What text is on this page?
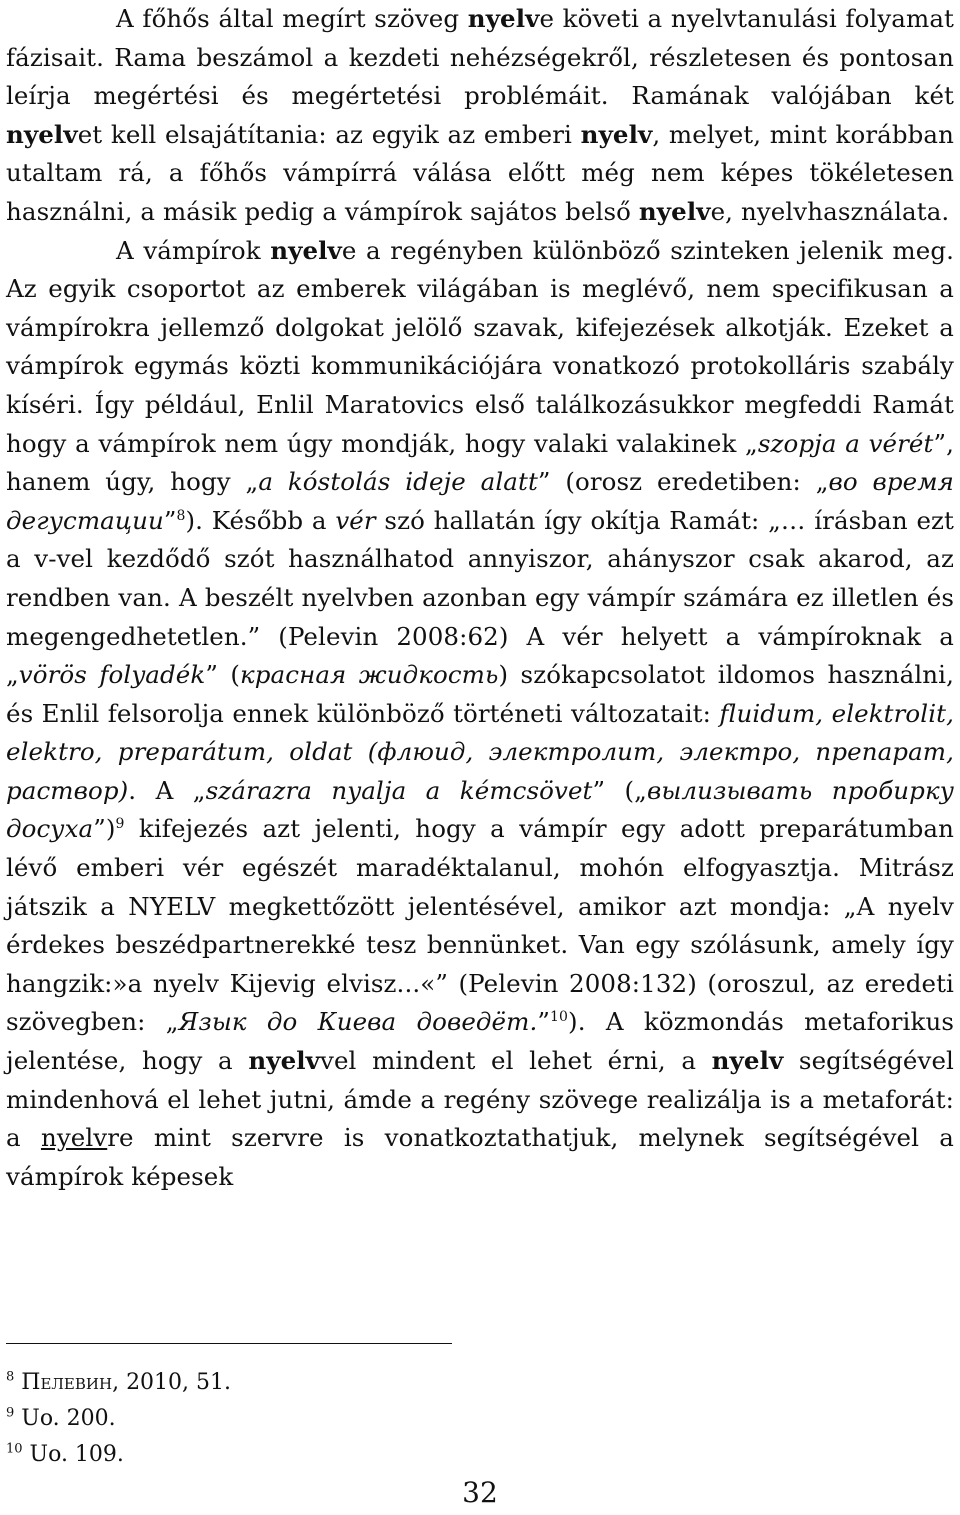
A főhős által megírt szöveg nyelve követi a nyelvtanulási folyamat fázisait. Rama beszámol a kezdeti nehézségekről, részletesen és pontosan leírja megértési és megértetési problémáit. Ramának valójában két nyelvet kell elsajátítania: az egyik az emberi nyelv, melyet, mint korábban utaltam rá, a főhős vámpírrá válása előtt még nem képes tökéletesen használni, a másik pedig a vámpírok sajátos belső nyelve, nyelvhasználata.

A vámpírok nyelve a regényben különböző szinteken jelenik meg. Az egyik csoportot az emberek világában is meglévő, nem specifikusan a vámpírokra jellemző dolgokat jelölő szavak, kifejezések alkotják. Ezeket a vámpírok egymás közti kommunikációjára vonatkozó protokolláris szabály kíséri. Így például, Enlil Maratovics első találkozásukkor megfeddi Ramát hogy a vámpírok nem úgy mondják, hogy valaki valakinek „szopja a vérét”, hanem úgy, hogy „a kóstolás ideje alatt” (orosz eredetiben: „во время дегустации”$^8$). Később a vér szó hallatán így okítja Ramát: „… írásban ezt a v-vel kezdődő szót használhatod annyiszor, ahányszor csak akarod, az rendben van. A beszélt nyelvben azonban egy vámpír számára ez illetlen és megengedhetetlen.” (Pelevin 2008:62) A vér helyett a vámpíroknak a „vörös folyadék” (красная жидкость) szókapcsolatot ildomos használni, és Enlil felsorolja ennek különböző történeti változatait: fluidum, elektrolit, elektro, preparátum, oldat (флюид, электролит, электро, препарат, раствор). A „szárazra nyalja a kémcsövet” („вылизывать пробирку досуха”)$^9$ kifejezés azt jelenti, hogy a vámpír egy adott preparátumban lévő emberi vér egészét maradéktalanul, mohón elfogyasztja. Mitrász játszik a NYELV megkettőzött jelentésével, amikor azt mondja: „A nyelv érdekes beszédpartnerekké tesz bennünket. Van egy szólásunk, amely így hangzik:»a nyelv Kijevig elvisz...«” (Pelevin 2008:132) (oroszul, az eredeti szövegben: „Язык до Киева доведёт.”$^{10}$). A közmondás metaforikus jelentése, hogy a nyelvvel mindent el lehet érni, a nyelv segítségével mindenhová el lehet jutni, ámde a regény szövege realizálja is a metaforát: a nyelvre mint szervre is vonatkoztathatjuk, melynek segítségével a vámpírok képesek

$^8$ Пелевин, 2010, 51.
$^9$ Uo. 200.
$^{10}$ Uo. 109.
32
